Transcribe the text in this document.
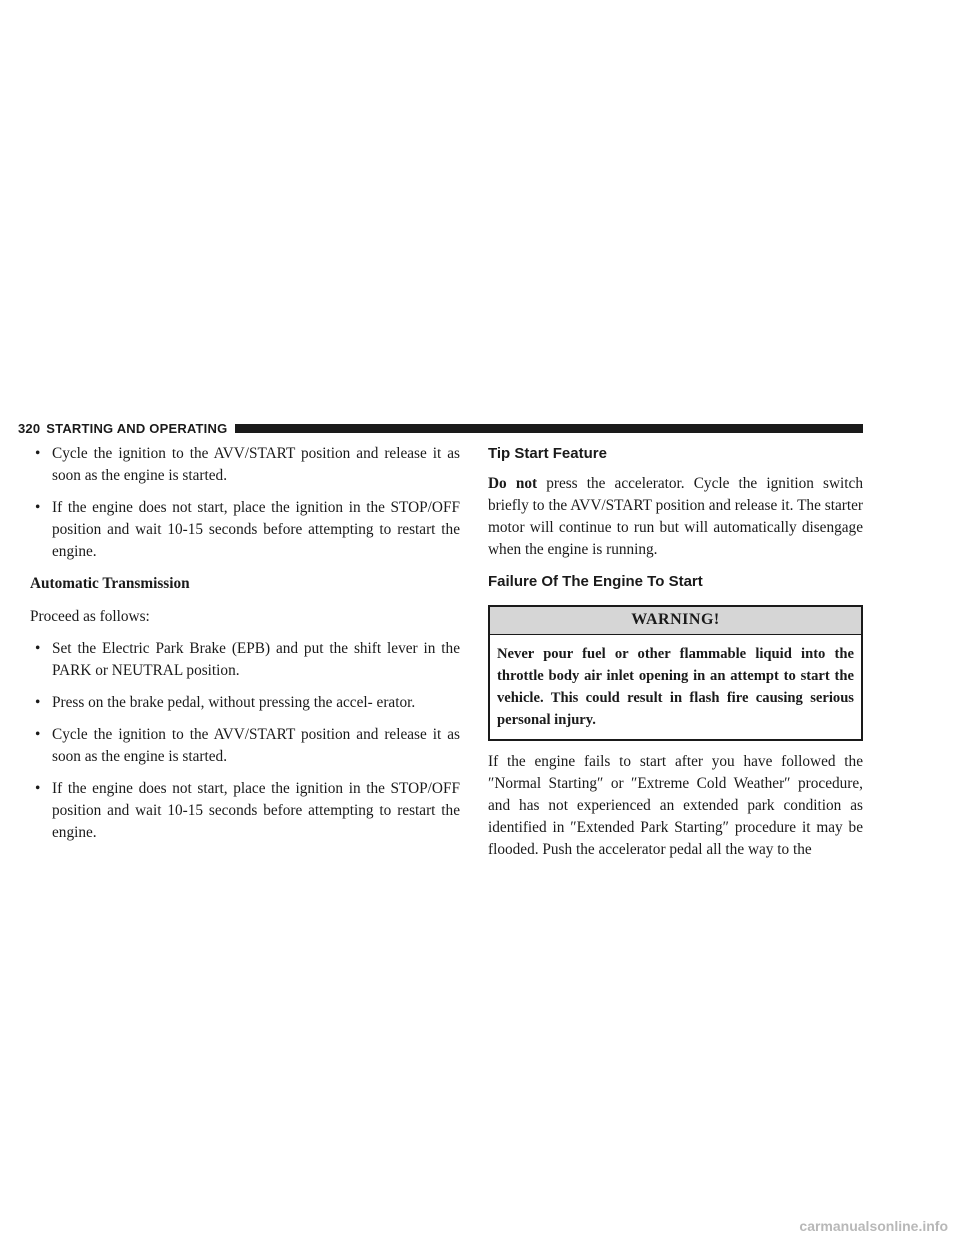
320 STARTING AND OPERATING
• Cycle the ignition to the AVV/START position and release it as soon as the engine is started.
• If the engine does not start, place the ignition in the STOP/OFF position and wait 10-15 seconds before attempting to restart the engine.
Automatic Transmission
Proceed as follows:
• Set the Electric Park Brake (EPB) and put the shift lever in the PARK or NEUTRAL position.
• Press on the brake pedal, without pressing the accel- erator.
• Cycle the ignition to the AVV/START position and release it as soon as the engine is started.
• If the engine does not start, place the ignition in the STOP/OFF position and wait 10-15 seconds before attempting to restart the engine.
Tip Start Feature
Do not press the accelerator. Cycle the ignition switch briefly to the AVV/START position and release it. The starter motor will continue to run but will automatically disengage when the engine is running.
Failure Of The Engine To Start
WARNING!
Never pour fuel or other flammable liquid into the throttle body air inlet opening in an attempt to start the vehicle. This could result in flash fire causing serious personal injury.
If the engine fails to start after you have followed the ″Normal Starting″ or ″Extreme Cold Weather″ procedure, and has not experienced an extended park condition as identified in ″Extended Park Starting″ procedure it may be flooded. Push the accelerator pedal all the way to the
carmanualsonline.info
